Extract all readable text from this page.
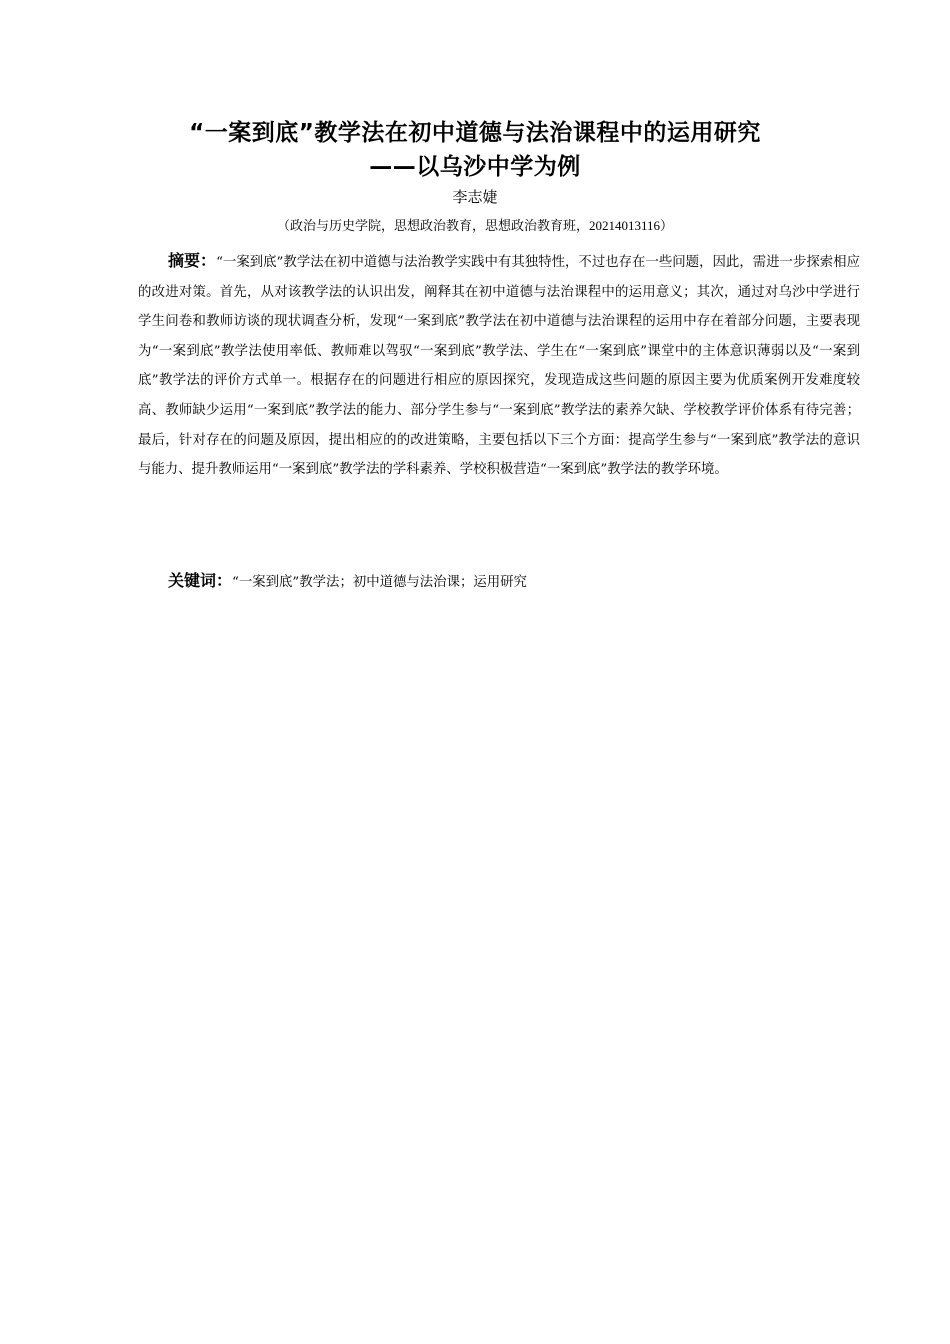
“一案到底”教学法在初中道德与法治课程中的运用研究
——以乌沙中学为例
李志婕
（政治与历史学院，思想政治教育，思想政治教育班，20214013116）

摘要：“一案到底”教学法在初中道德与法治教学实践中有其独特性，不过也存在一些问题，因此，需进一步探索相应的改进对策。首先，从对该教学法的认识出发，阐释其在初中道德与法治课程中的运用意义；其次，通过对乌沙中学进行学生问卷和教师访谈的现状调查分析，发现“一案到底”教学法在初中道德与法治课程的运用中存在着部分问题，主要表现为“一案到底”教学法使用率低、教师难以驾驭“一案到底”教学法、学生在“一案到底”课堂中的主体意识薄弱以及“一案到底”教学法的评价方式单一。根据存在的问题进行相应的原因探究，发现造成这些问题的原因主要为优质案例开发难度较高、教师缺少运用“一案到底”教学法的能力、部分学生参与“一案到底”教学法的素养欠缺、学校教学评价体系有待完善；最后，针对存在的问题及原因，提出相应的的改进策略，主要包括以下三个方面：提高学生参与“一案到底”教学法的意识与能力、提升教师运用“一案到底”教学法的学科素养、学校积极营造“一案到底”教学法的教学环境。

关键词：“一案到底”教学法；初中道德与法治课；运用研究
